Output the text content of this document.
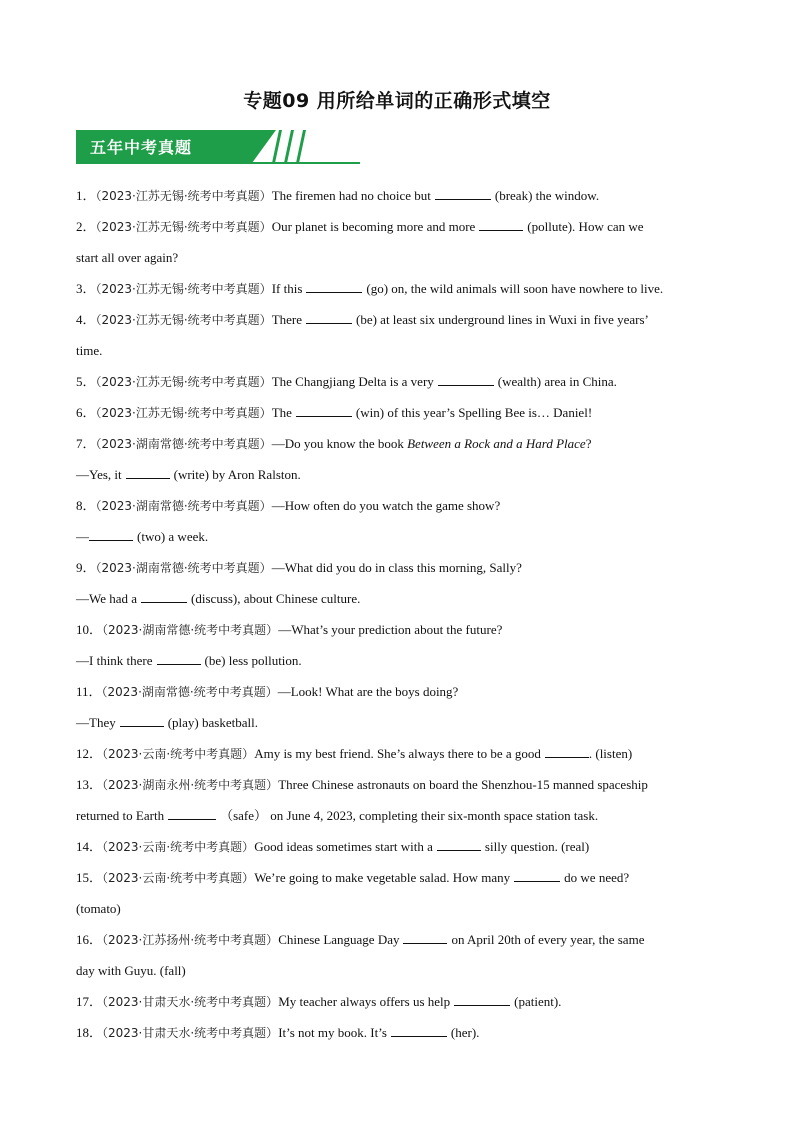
专题09 用所给单词的正确形式填空
五年中考真题
1．（2023·江苏无锡·统考中考真题）The firemen had no choice but	(break) the window.
2．（2023·江苏无锡·统考中考真题）Our planet is becoming more and more	(pollute). How can we
start all over again?
3．（2023·江苏无锡·统考中考真题）If this	(go) on, the wild animals will soon have nowhere to live.
4．（2023·江苏无锡·统考中考真题）There	(be) at least six underground lines in Wuxi in five years’
time.
5．（2023·江苏无锡·统考中考真题）The Changjiang Delta is a very	(wealth) area in China.
6．（2023·江苏无锡·统考中考真题）The	(win) of this year’s Spelling Bee is… Daniel!
7．（2023·湖南常德·统考中考真题）—Do you know the book Between a Rock and a Hard Place?
—Yes, it	(write) by Aron Ralston.
8．（2023·湖南常德·统考中考真题）—How often do you watch the game show?
—	(two) a week.
9．（2023·湖南常德·统考中考真题）—What did you do in class this morning, Sally?
—We had a	(discuss), about Chinese culture.
10．（2023·湖南常德·统考中考真题）—What’s your prediction about the future?
—I think there	(be) less pollution.
11．（2023·湖南常德·统考中考真题）—Look! What are the boys doing?
—They	(play) basketball.
12．（2023·云南·统考中考真题）Amy is my best friend. She’s always there to be a good	. (listen)
13．（2023·湖南永州·统考中考真题）Three Chinese astronauts on board the Shenzhou-15 manned spaceship
returned to Earth	（safe） on June 4, 2023, completing their six-month space station task.
14．（2023·云南·统考中考真题）Good ideas sometimes start with a	silly question. (real)
15．（2023·云南·统考中考真题）We’re going to make vegetable salad. How many	do we need?
(tomato)
16．（2023·江苏扬州·统考中考真题）Chinese Language Day	on April 20th of every year, the same
day with Guyu. (fall)
17．（2023·甘肃天水·统考中考真题）My teacher always offers us help	(patient).
18．（2023·甘肃天水·统考中考真题）It’s not my book. It’s	(her).
